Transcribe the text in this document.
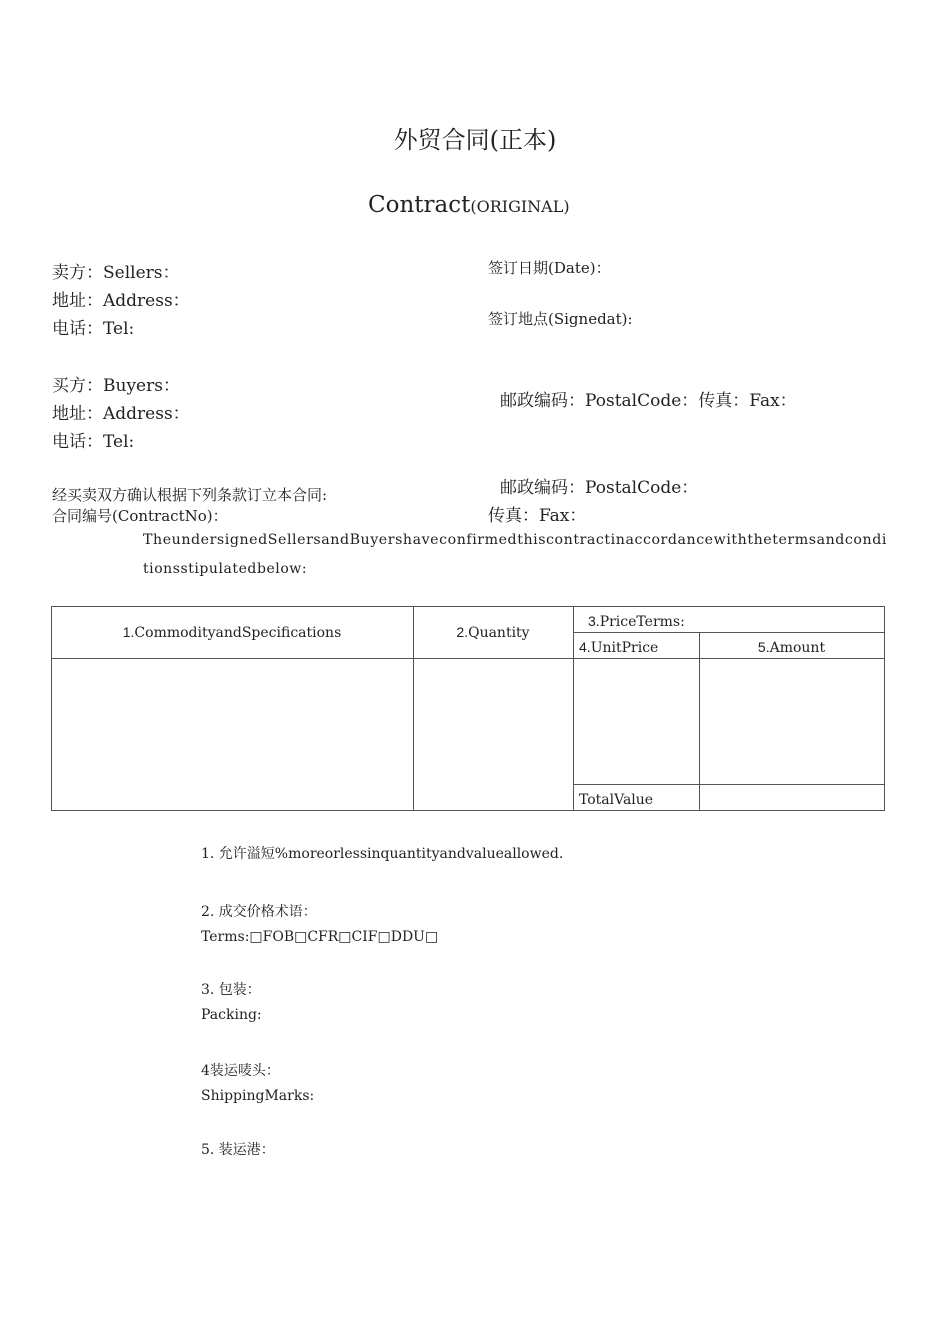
外贸合同(正本)
Contract(ORIGINAL)
卖方：Sellers：
地址：Address：
电话：Tel:
买方：Buyers：
地址：Address：
电话：Tel:
签订日期(Date)：
签订地点(Signedat):
邮政编码：PostalCode：传真：Fax：
邮政编码：PostalCode：
传真：Fax：
经买卖双方确认根据下列条款订立本合同:
合同编号(ContractNo)：
TheundersignedSellersandBuyershaveconfirmedthiscontractinaccordancewiththetermsandcondi
tionsstipulatedbelow:
1.CommodityandSpecifications	2.Quantity
3.PriceTerms:
4.UnitPrice	5.Amount
TotalValue
1. 允许溢短%moreorlessinquantityandvalueallowed.
2. 成交价格术语：
Terms:□FOB□CFR□CIF□DDU□
3. 包装：
Packing:
4装运唛头：
ShippingMarks:
5. 装运港：
